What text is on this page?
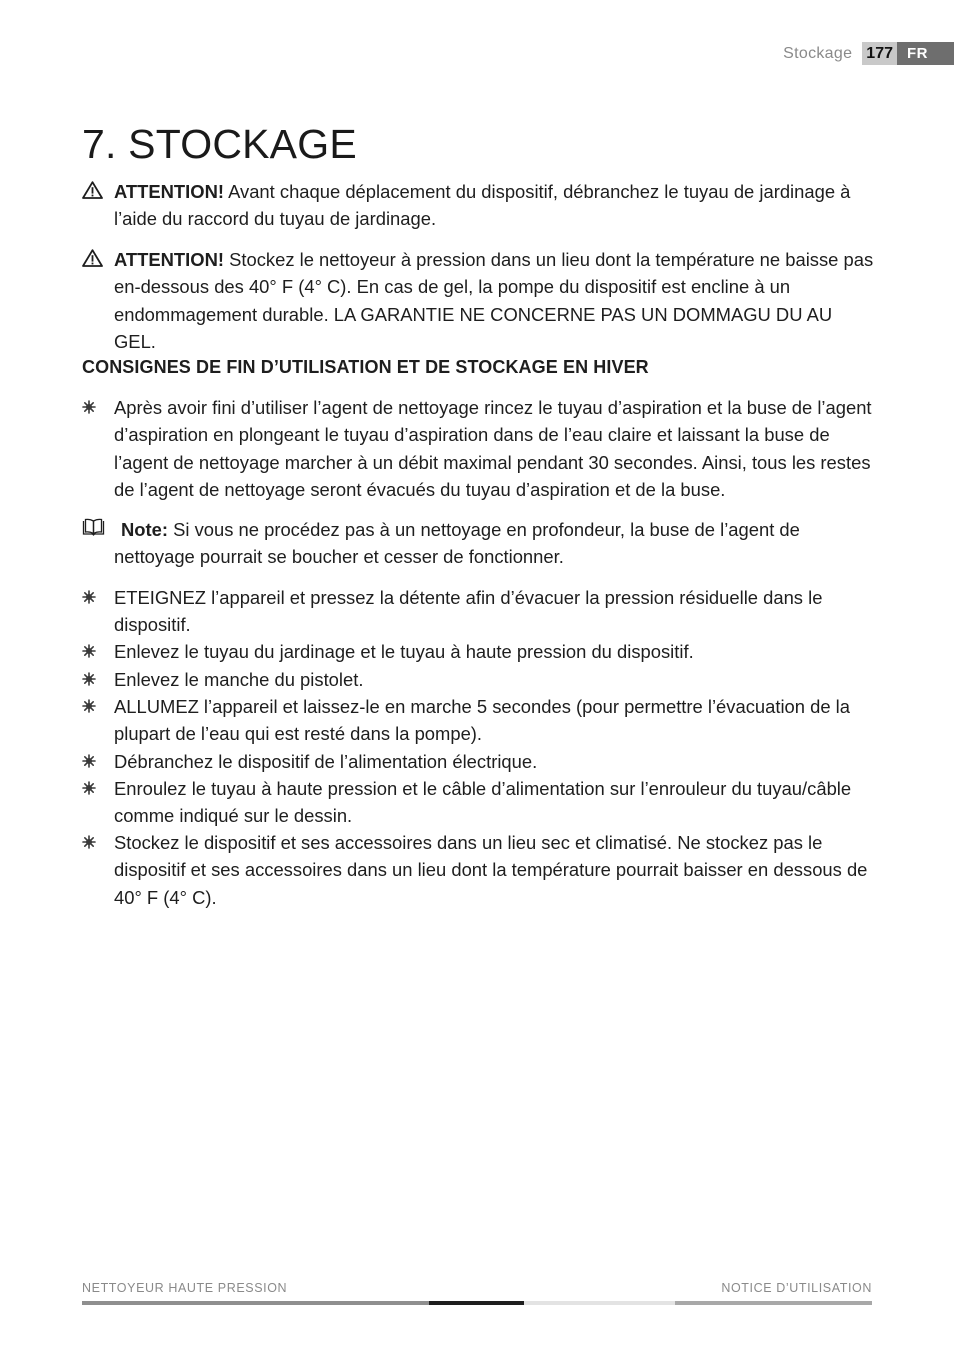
Stockage 177 FR
7. STOCKAGE

ATTENTION! Avant chaque déplacement du dispositif, débranchez le tuyau de jardinage à l’aide du raccord du tuyau de jardinage.

ATTENTION! Stockez le nettoyeur à pression dans un lieu dont la température ne baisse pas en-dessous des 40° F (4° C). En cas de gel, la pompe du dispositif est encline à un endommagement durable. LA GARANTIE NE CONCERNE PAS UN DOMMAGU DU AU GEL.

CONSIGNES DE FIN D’UTILISATION ET DE STOCKAGE EN HIVER
Après avoir fini d’utiliser l’agent de nettoyage rincez le tuyau d’aspiration et la buse de l’agent d’aspiration en plongeant le tuyau d’aspiration dans de l’eau claire et laissant la buse de l’agent de nettoyage marcher à un débit maximal pendant 30 secondes. Ainsi, tous les restes de l’agent de nettoyage seront évacués du tuyau d’aspiration et de la buse.

Note: Si vous ne procédez pas à un nettoyage en profondeur, la buse de l’agent de nettoyage pourrait se boucher et cesser de fonctionner.

ETEIGNEZ l’appareil et pressez la détente afin d’évacuer la pression résiduelle dans le dispositif.
Enlevez le tuyau du jardinage et le tuyau à haute pression du dispositif.
Enlevez le manche du pistolet.
ALLUMEZ l’appareil et laissez-le en marche 5 secondes (pour permettre l’évacuation de la plupart de l’eau qui est resté dans la pompe).
Débranchez le dispositif de l’alimentation électrique.
Enroulez le tuyau à haute pression et le câble d’alimentation sur l’enrouleur du tuyau/câble comme indiqué sur le dessin.
Stockez le dispositif et ses accessoires dans un lieu sec et climatisé. Ne stockez pas le dispositif et ses accessoires dans un lieu dont la température pourrait baisser en dessous de 40° F (4° C).
NETTOYEUR HAUTE PRESSION	NOTICE D’UTILISATION
